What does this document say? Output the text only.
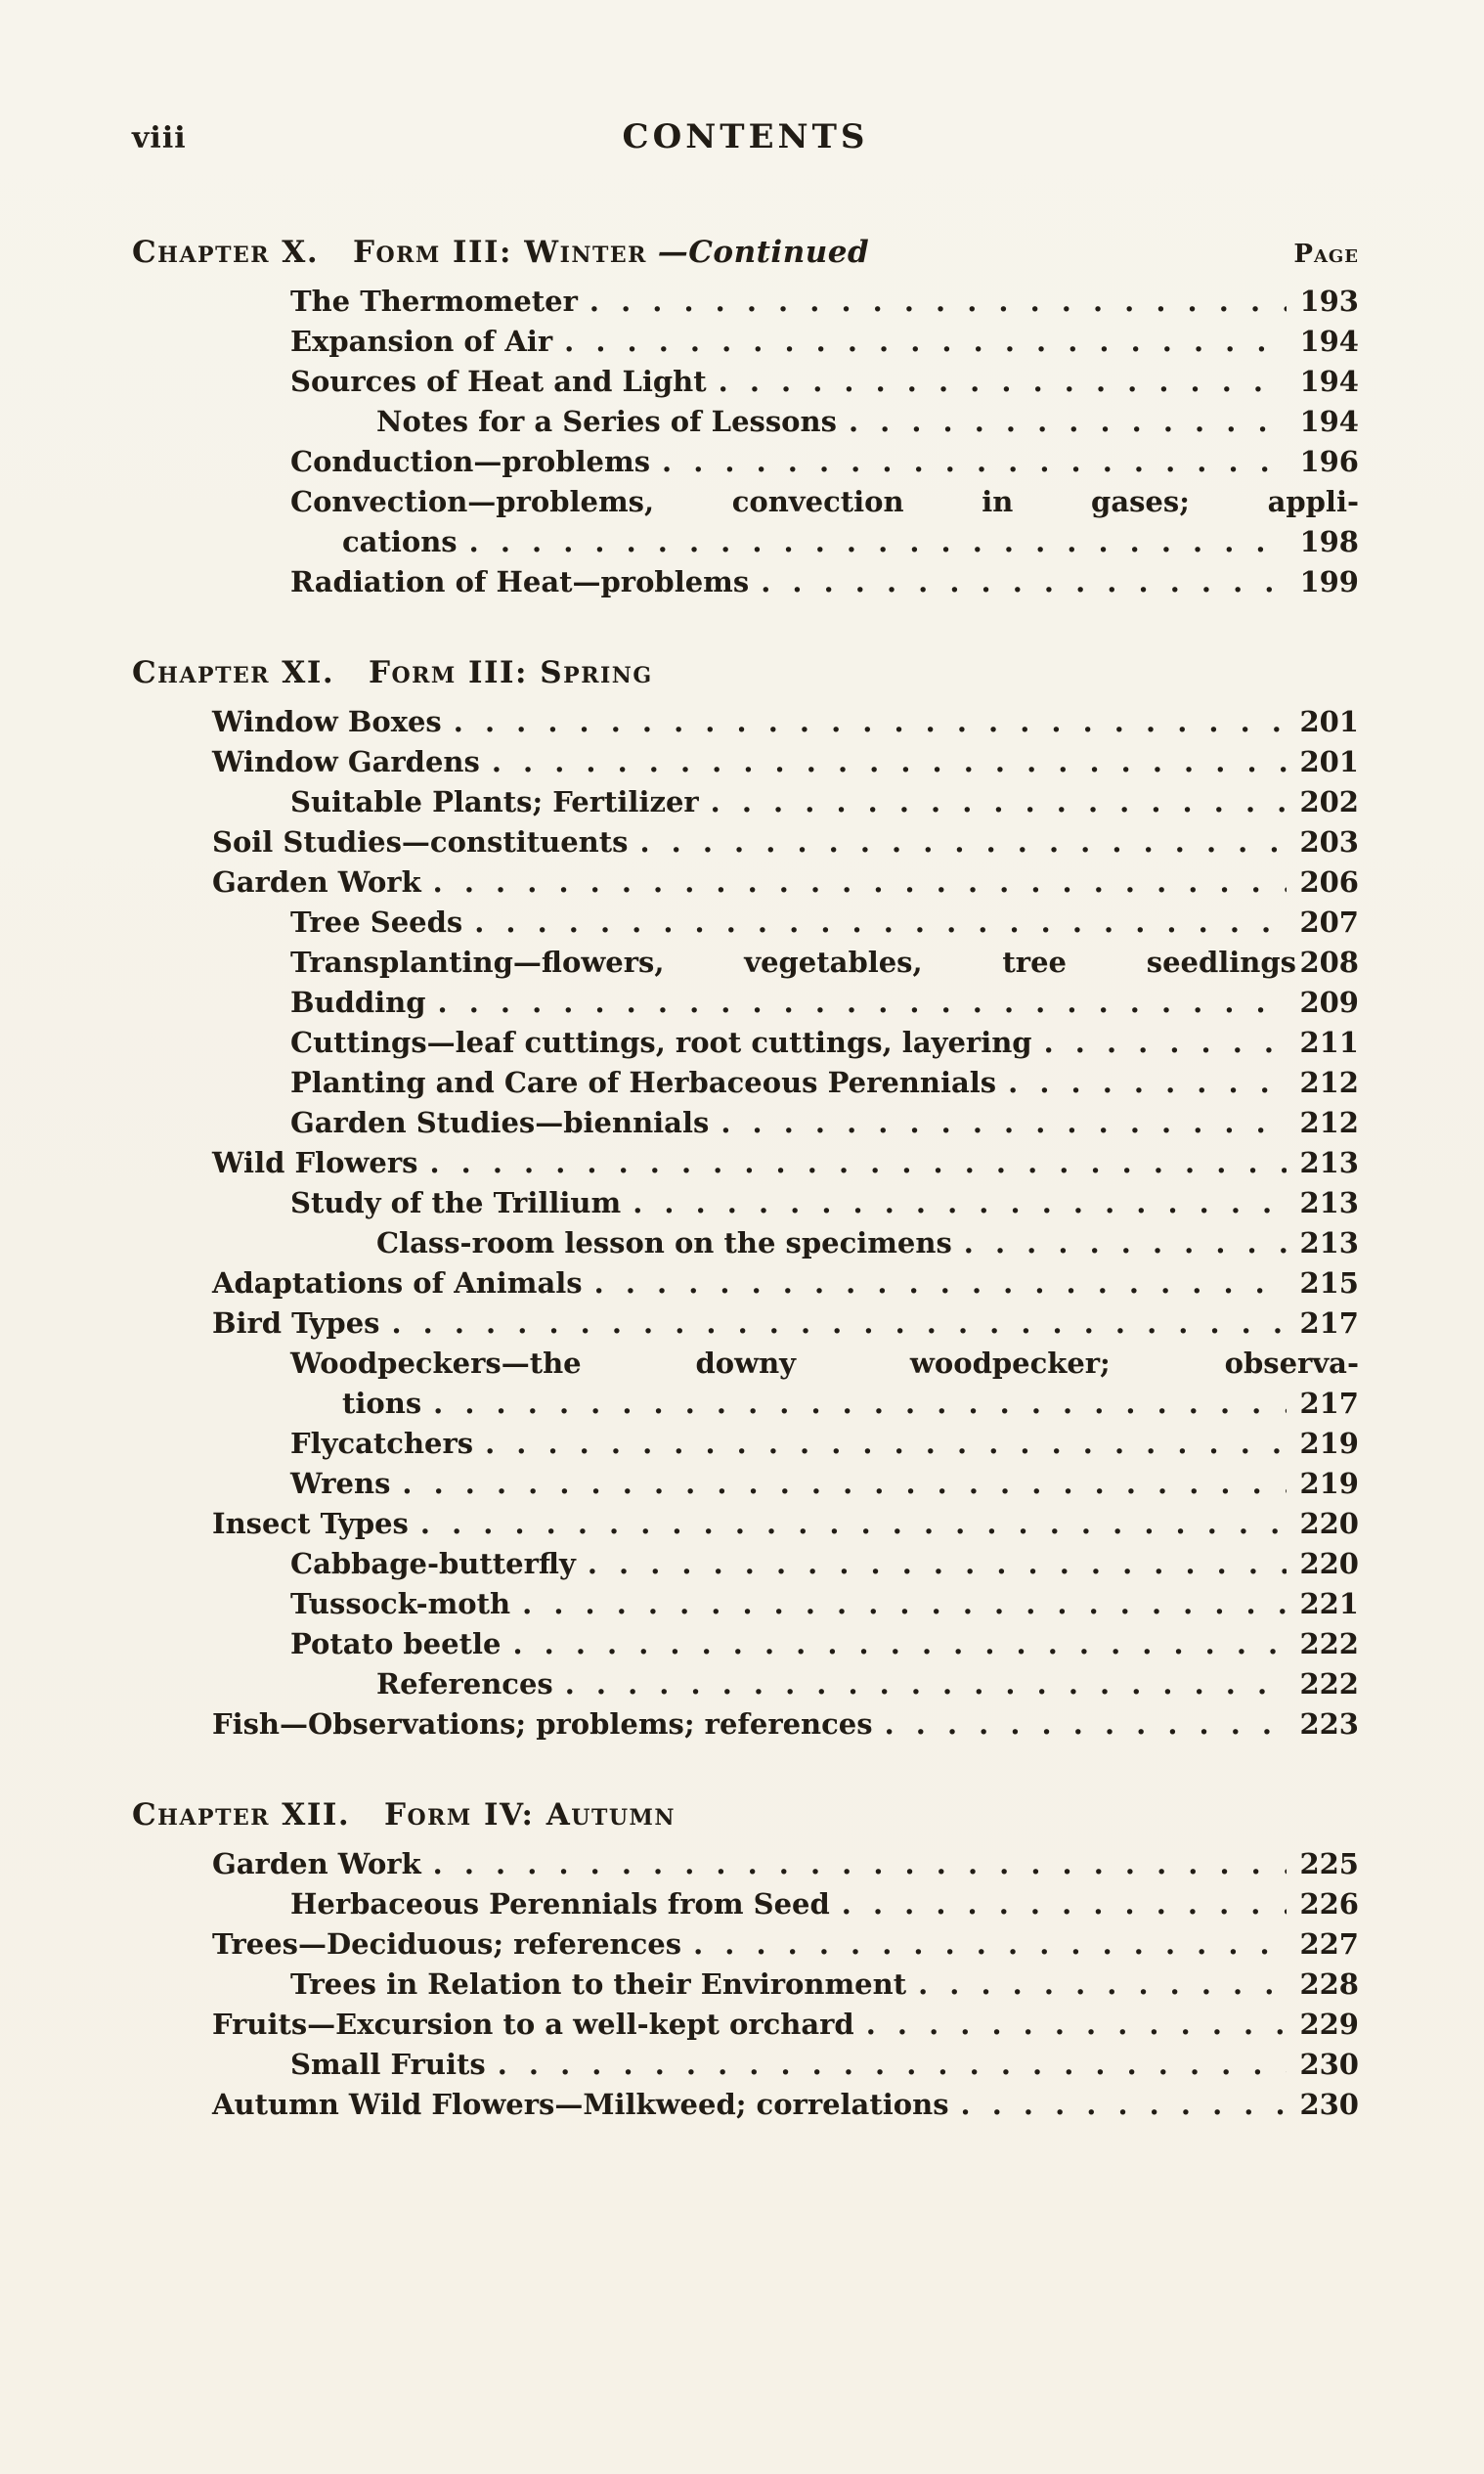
viii	CONTENTS
Chapter X. Form III: Winter —Continued	Page
The Thermometer . . .	193
Expansion of Air . . .	194
Sources of Heat and Light . . .	194
Notes for a Series of Lessons . . .	194
Conduction—problems . . .	196
Convection—problems, convection in gases; appli-
cations . . .	198
Radiation of Heat—problems . . .	199
Chapter XI. Form III: Spring
Window Boxes . . .	201
Window Gardens . . .	201
Suitable Plants; Fertilizer . . .	202
Soil Studies—constituents . . .	203
Garden Work . . .	206
Tree Seeds . . .	207
Transplanting—flowers, vegetables, tree seedlings 208
Budding . . .	209
Cuttings—leaf cuttings, root cuttings, layering . . .	211
Planting and Care of Herbaceous Perennials . . .	212
Garden Studies—biennials . . .	212
Wild Flowers . . .	213
Study of the Trillium . . .	213
Class-room lesson on the specimens . . .	213
Adaptations of Animals . . .	215
Bird Types . . .	217
Woodpeckers—the downy woodpecker; observa-
tions . . .	217
Flycatchers . . .	219
Wrens . . .	219
Insect Types . . .	220
Cabbage-butterfly . . .	220
Tussock-moth . . .	221
Potato beetle . . .	222
References . . .	222
Fish—Observations; problems; references . . .	223
Chapter XII. Form IV: Autumn
Garden Work . . .	225
Herbaceous Perennials from Seed . . .	226
Trees—Deciduous; references . . .	227
Trees in Relation to their Environment . . .	228
Fruits—Excursion to a well-kept orchard . . .	229
Small Fruits . . .	230
Autumn Wild Flowers—Milkweed; correlations . . .	230
